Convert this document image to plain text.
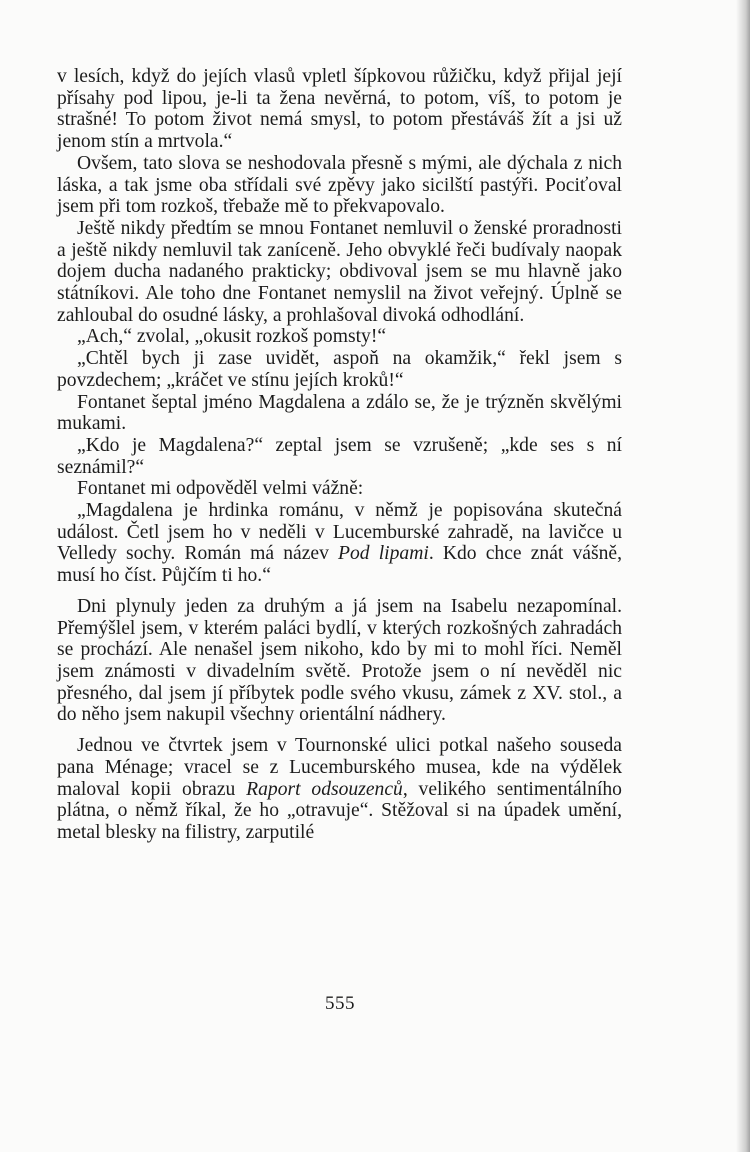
v lesích, když do jejích vlasů vpletl šípkovou růžičku, když přijal její přísahy pod lipou, je-li ta žena nevěrná, to potom, víš, to potom je strašné! To potom život nemá smysl, to potom přestáváš žít a jsi už jenom stín a mrtvola.“

Ovšem, tato slova se neshodovala přesně s mými, ale dýchala z nich láska, a tak jsme oba střídali své zpěvy jako sicilští pastýři. Pociťoval jsem při tom rozkoš, třebaže mě to překvapovalo.

Ještě nikdy předtím se mnou Fontanet nemluvil o ženské proradnosti a ještě nikdy nemluvil tak zaníceně. Jeho obvyklé řeči budívaly naopak dojem ducha nadaného prakticky; obdivoval jsem se mu hlavně jako státníkovi. Ale toho dne Fontanet nemyslil na život veřejný. Úplně se zahloubal do osudné lásky, a prohlašoval divoká odhodlání.

„Ach,“ zvolal, „okusit rozkoš pomsty!“

„Chtěl bych ji zase uvidět, aspoň na okamžik,“ řekl jsem s povzdechem; „kráčet ve stínu jejích kroků!“

Fontanet šeptal jméno Magdalena a zdálo se, že je trýzněn skvělými mukami.

„Kdo je Magdalena?“ zeptal jsem se vzrušeně; „kde ses s ní seznámil?“

Fontanet mi odpověděl velmi vážně:

„Magdalena je hrdinka románu, v němž je popisována skutečná událost. Četl jsem ho v neděli v Lucemburské zahradě, na lavičce u Velledy sochy. Román má název Pod lipami. Kdo chce znát vášně, musí ho číst. Půjčím ti ho.“

Dni plynuly jeden za druhým a já jsem na Isabelu nezapomínal. Přemýšlel jsem, v kterém paláci bydlí, v kterých rozkošných zahradách se prochází. Ale nenašel jsem nikoho, kdo by mi to mohl říci. Neměl jsem známosti v divadelním světě. Protože jsem o ní nevěděl nic přesného, dal jsem jí příbytek podle svého vkusu, zámek z XV. stol., a do něho jsem nakupil všechny orientální nádhery.

Jednou ve čtvrtek jsem v Tournonské ulici potkal našeho souseda pana Ménage; vracel se z Lucemburského musea, kde na výdělek maloval kopii obrazu Raport odsouzenců, velikého sentimentálního plátna, o němž říkal, že ho „otravuje“. Stěžoval si na úpadek umění, metal blesky na filistry, zarputilé

555
